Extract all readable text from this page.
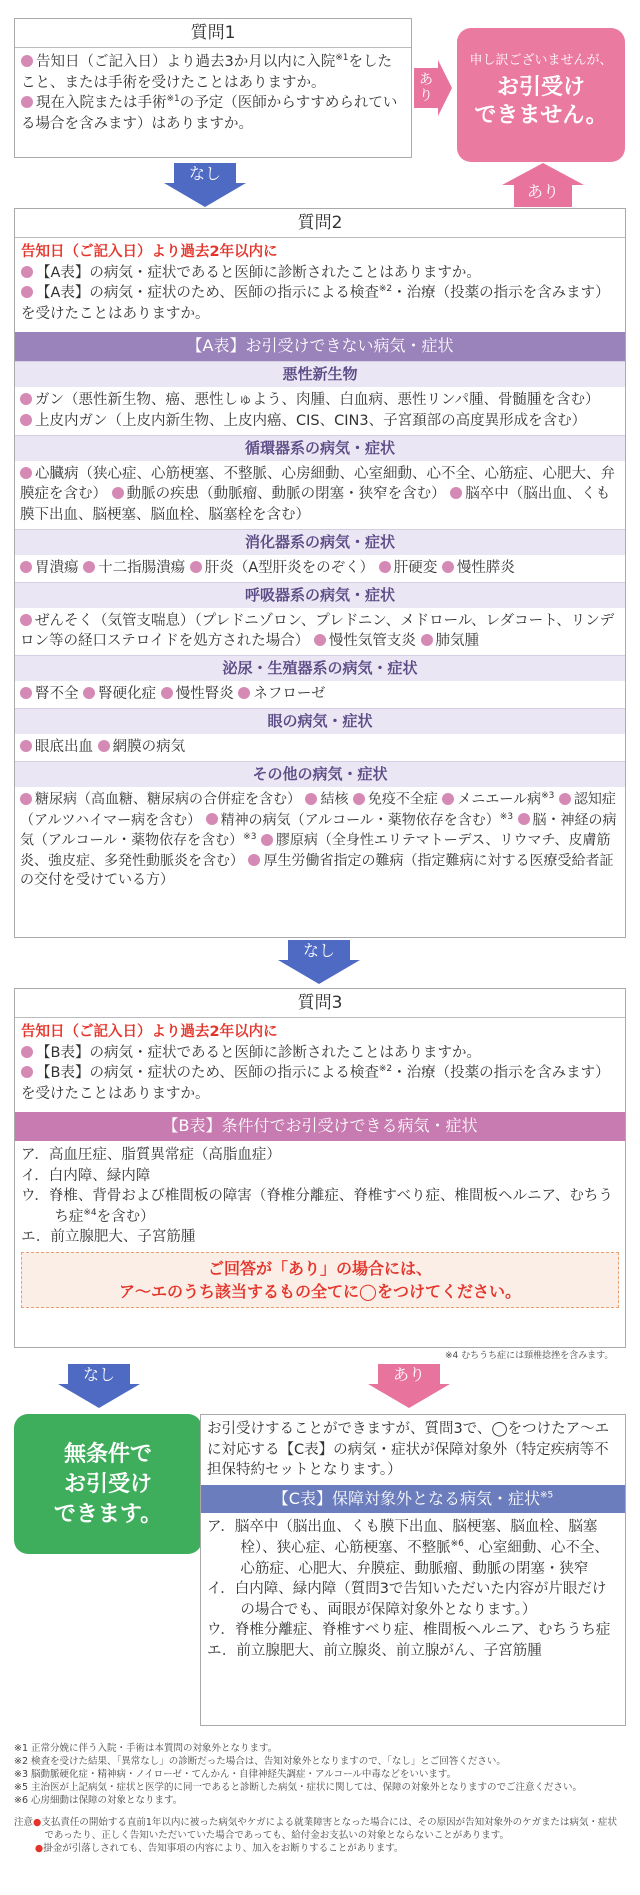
質問1
告知日（ご記入日）より過去3か月以内に入院$^{※1}$をしたこと、または手術を受けたことはありますか。
現在入院または手術$^{※1}$の予定（医師からすすめられている場合を含みます）はありますか。
あり
申し訳ございませんが、
お引受け
できません。
なし
あり
質問2
告知日（ご記入日）より過去2年以内に
【A表】の病気・症状であると医師に診断されたことはありますか。
【A表】の病気・症状のため、医師の指示による検査$^{※2}$・治療（投薬の指示を含みます）を受けたことはありますか。
【A表】お引受けできない病気・症状
悪性新生物
ガン（悪性新生物、癌、悪性しゅよう、肉腫、白血病、悪性リンパ腫、骨髄腫を含む）
上皮内ガン（上皮内新生物、上皮内癌、CIS、CIN3、子宮頚部の高度異形成を含む）
循環器系の病気・症状
心臓病（狭心症、心筋梗塞、不整脈、心房細動、心室細動、心不全、心筋症、心肥大、弁膜症を含む） 動脈の疾患（動脈瘤、動脈の閉塞・狭窄を含む） 脳卒中（脳出血、くも膜下出血、脳梗塞、脳血栓、脳塞栓を含む）
消化器系の病気・症状
胃潰瘍 十二指腸潰瘍 肝炎（A型肝炎をのぞく） 肝硬変 慢性膵炎
呼吸器系の病気・症状
ぜんそく（気管支喘息）（プレドニゾロン、プレドニン、メドロール、レダコート、リンデロン等の経口ステロイドを処方された場合） 慢性気管支炎 肺気腫
泌尿・生殖器系の病気・症状
腎不全 腎硬化症 慢性腎炎 ネフローゼ
眼の病気・症状
眼底出血 網膜の病気
その他の病気・症状
糖尿病（高血糖、糖尿病の合併症を含む） 結核 免疫不全症 メニエール病$^{※3}$ 認知症（アルツハイマー病を含む） 精神の病気（アルコール・薬物依存を含む）$^{※3}$ 脳・神経の病気（アルコール・薬物依存を含む）$^{※3}$ 膠原病（全身性エリテマトーデス、リウマチ、皮膚筋炎、強皮症、多発性動脈炎を含む） 厚生労働省指定の難病（指定難病に対する医療受給者証の交付を受けている方）
なし
質問3
告知日（ご記入日）より過去2年以内に
【B表】の病気・症状であると医師に診断されたことはありますか。
【B表】の病気・症状のため、医師の指示による検査$^{※2}$・治療（投薬の指示を含みます）を受けたことはありますか。
【B表】条件付でお引受けできる病気・症状
ア．高血圧症、脂質異常症（高脂血症）
イ．白内障、緑内障
ウ．脊椎、背骨および椎間板の障害（脊椎分離症、脊椎すべり症、椎間板ヘルニア、むちうち症$^{※4}$を含む）
エ．前立腺肥大、子宮筋腫
ご回答が「あり」の場合には、
ア～エのうち該当するもの全てに◯をつけてください。
※4 むちうち症には頸椎捻挫を含みます。
なし	あり
無条件で
お引受け
できます。
お引受けすることができますが、質問3で、◯をつけたア～エに対応する【C表】の病気・症状が保障対象外（特定疾病等不担保特約セットとなります。）
【C表】保障対象外となる病気・症状$^{※5}$
ア．脳卒中（脳出血、くも膜下出血、脳梗塞、脳血栓、脳塞栓）、狭心症、心筋梗塞、不整脈$^{※6}$、心室細動、心不全、心筋症、心肥大、弁膜症、動脈瘤、動脈の閉塞・狭窄
イ．白内障、緑内障（質問3で告知いただいた内容が片眼だけの場合でも、両眼が保障対象外となります。）
ウ．脊椎分離症、脊椎すべり症、椎間板ヘルニア、むちうち症
エ．前立腺肥大、前立腺炎、前立腺がん、子宮筋腫
※1 正常分娩に伴う入院・手術は本質問の対象外となります。
※2 検査を受けた結果、「異常なし」の診断だった場合は、告知対象外となりますので、「なし」とご回答ください。
※3 脳動脈硬化症・精神病・ノイローゼ・てんかん・自律神経失調症・アルコール中毒などをいいます。
※5 主治医が上記病気・症状と医学的に同一であると診断した病気・症状に関しては、保障の対象外となりますのでご注意ください。
※6 心房細動は保障の対象となります。
注意●支払責任の開始する直前1年以内に被った病気やケガによる就業障害となった場合には、その原因が告知対象外のケガまたは病気・症状であったり、正しく告知いただいていた場合であっても、給付金お支払いの対象とならないことがあります。
●掛金が引落しされても、告知事項の内容により、加入をお断りすることがあります。
